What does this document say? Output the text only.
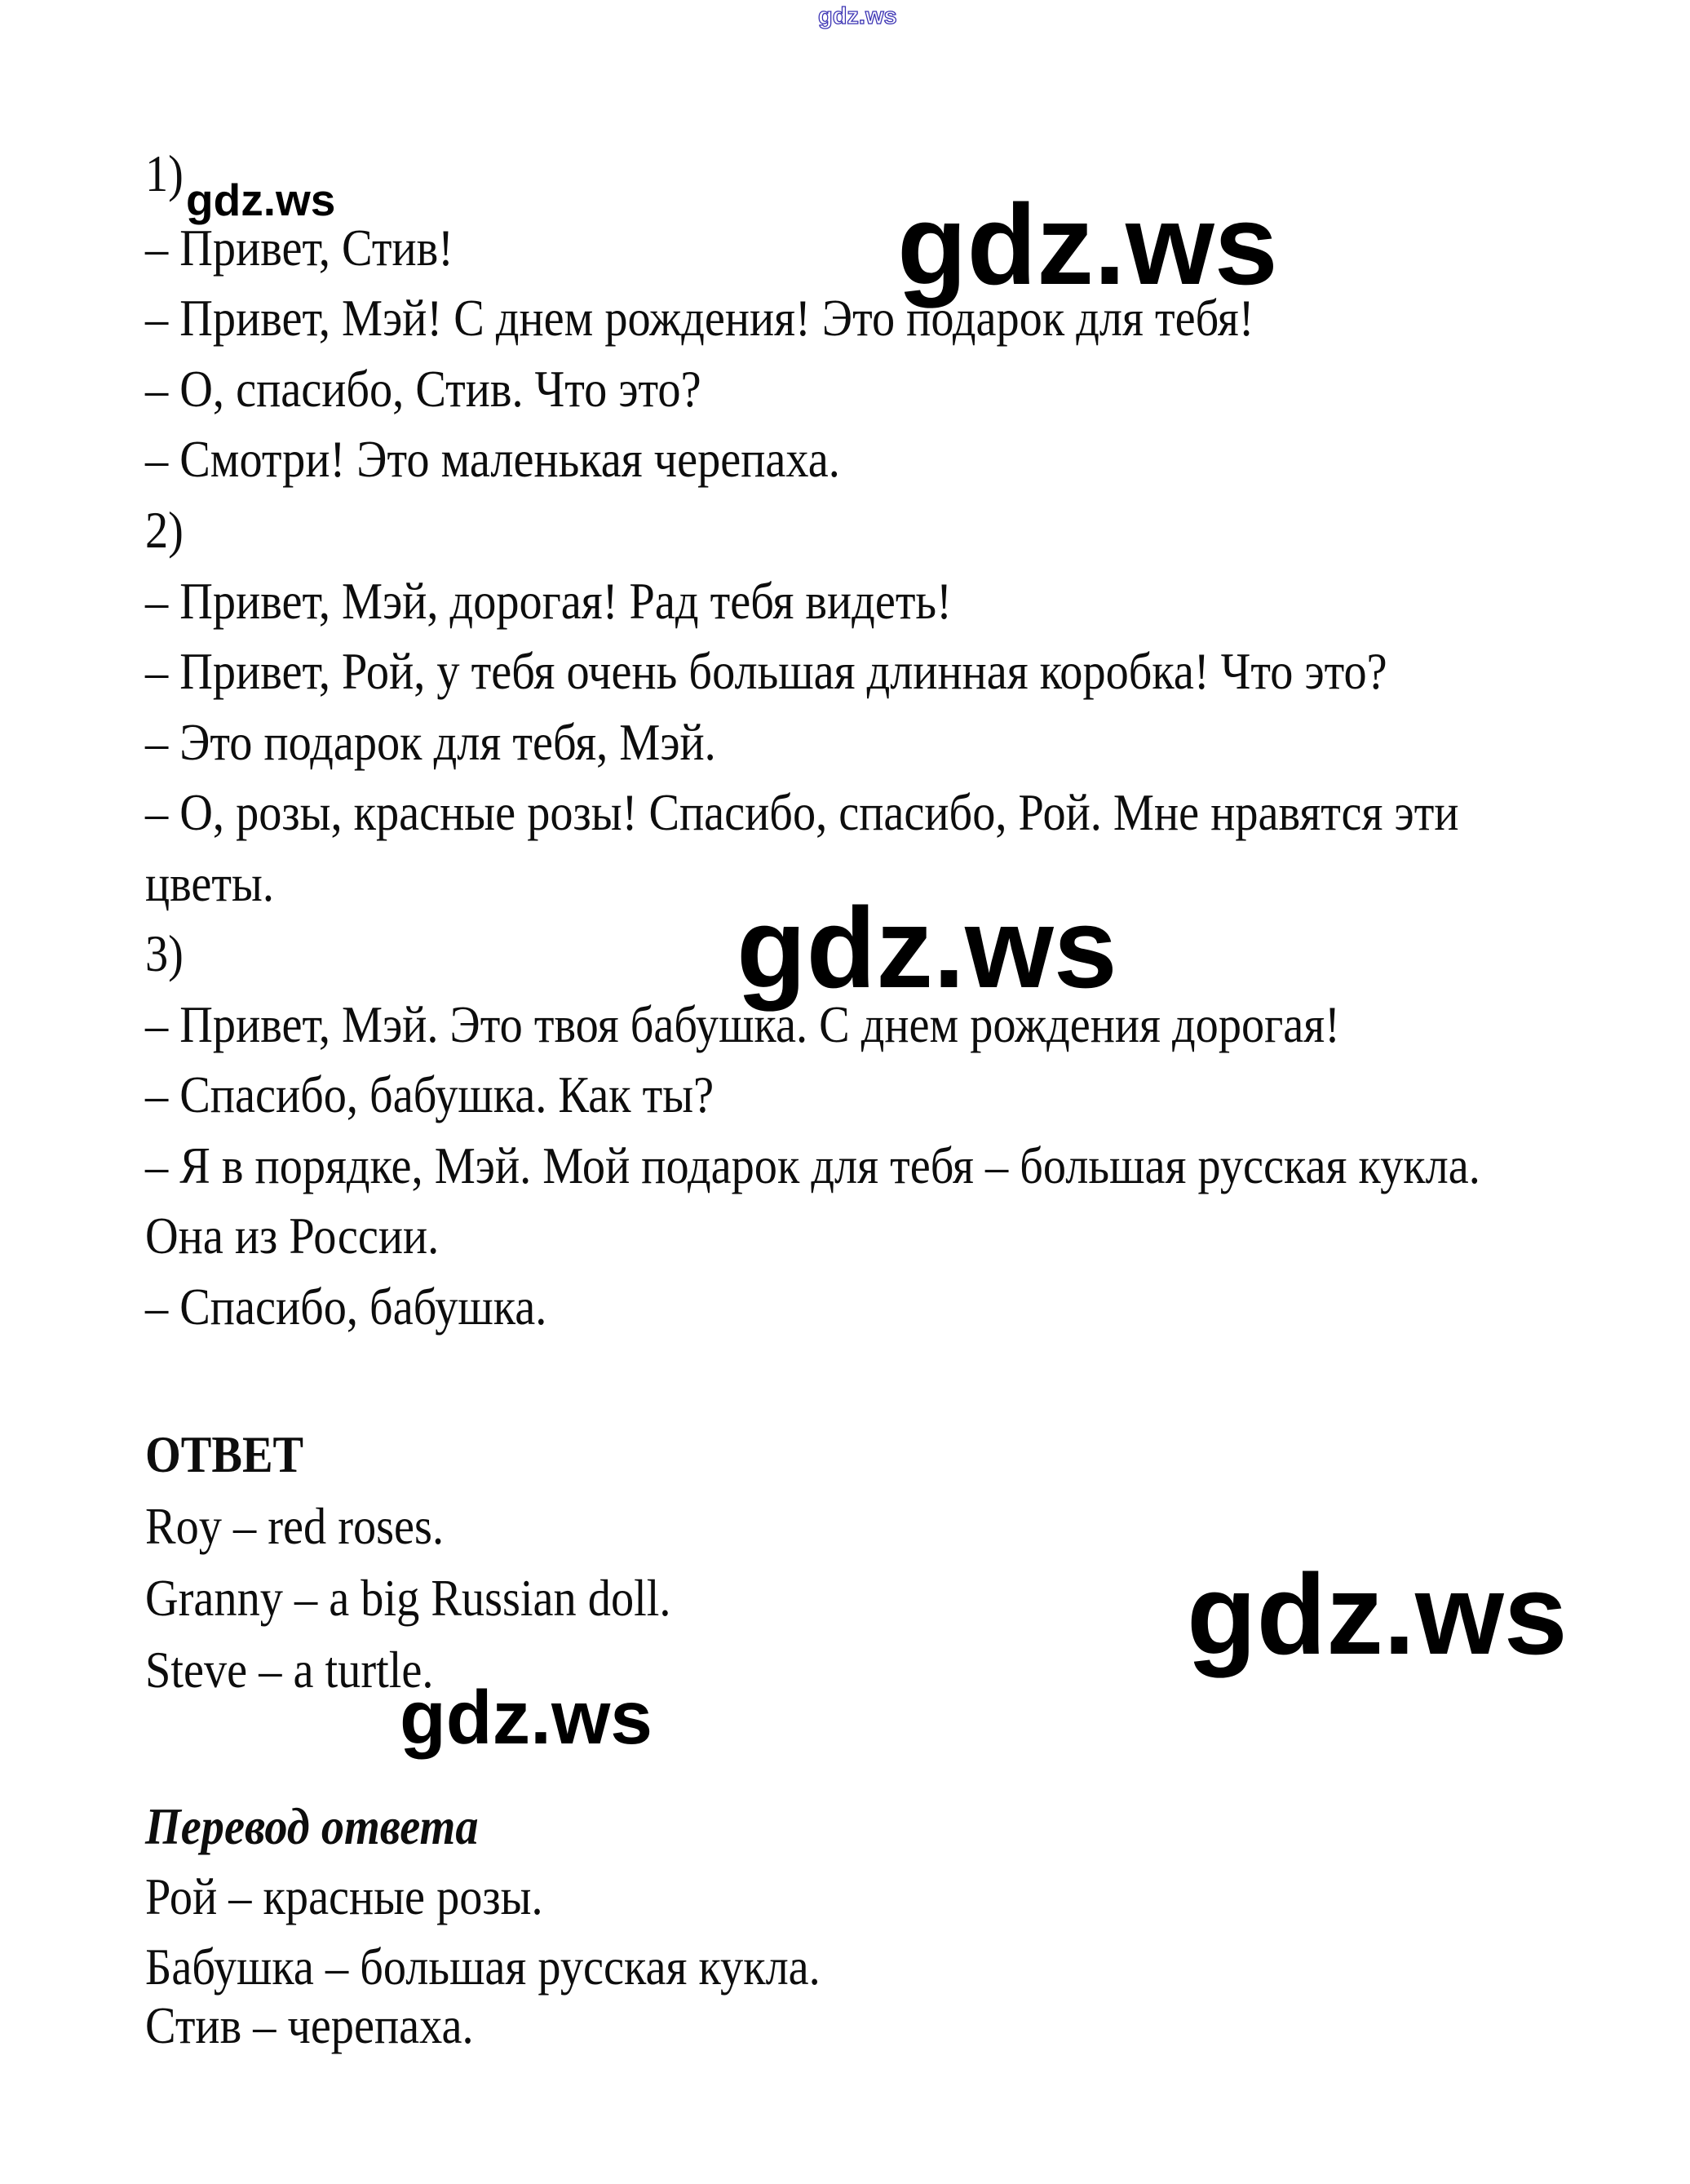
gdz.ws
gdz.ws	gdz.ws
gdz.ws
gdz.ws
gdz.ws
1)
– Привет, Стив!
– Привет, Мэй! С днем рождения! Это подарок для тебя!
– О, спасибо, Стив. Что это?
– Смотри! Это маленькая черепаха.
2)
– Привет, Мэй, дорогая! Рад тебя видеть!
– Привет, Рой, у тебя очень большая длинная коробка! Что это?
– Это подарок для тебя, Мэй.
– О, розы, красные розы! Спасибо, спасибо, Рой. Мне нравятся эти
цветы.
3)
– Привет, Мэй. Это твоя бабушка. С днем рождения дорогая!
– Спасибо, бабушка. Как ты?
– Я в порядке, Мэй. Мой подарок для тебя – большая русская кукла.
Она из России.
– Спасибо, бабушка.
ОТВЕТ
Roy – red roses.
Granny – a big Russian doll.
Steve – a turtle.
Перевод ответа
Рой – красные розы.
Бабушка – большая русская кукла.
Стив – черепаха.
